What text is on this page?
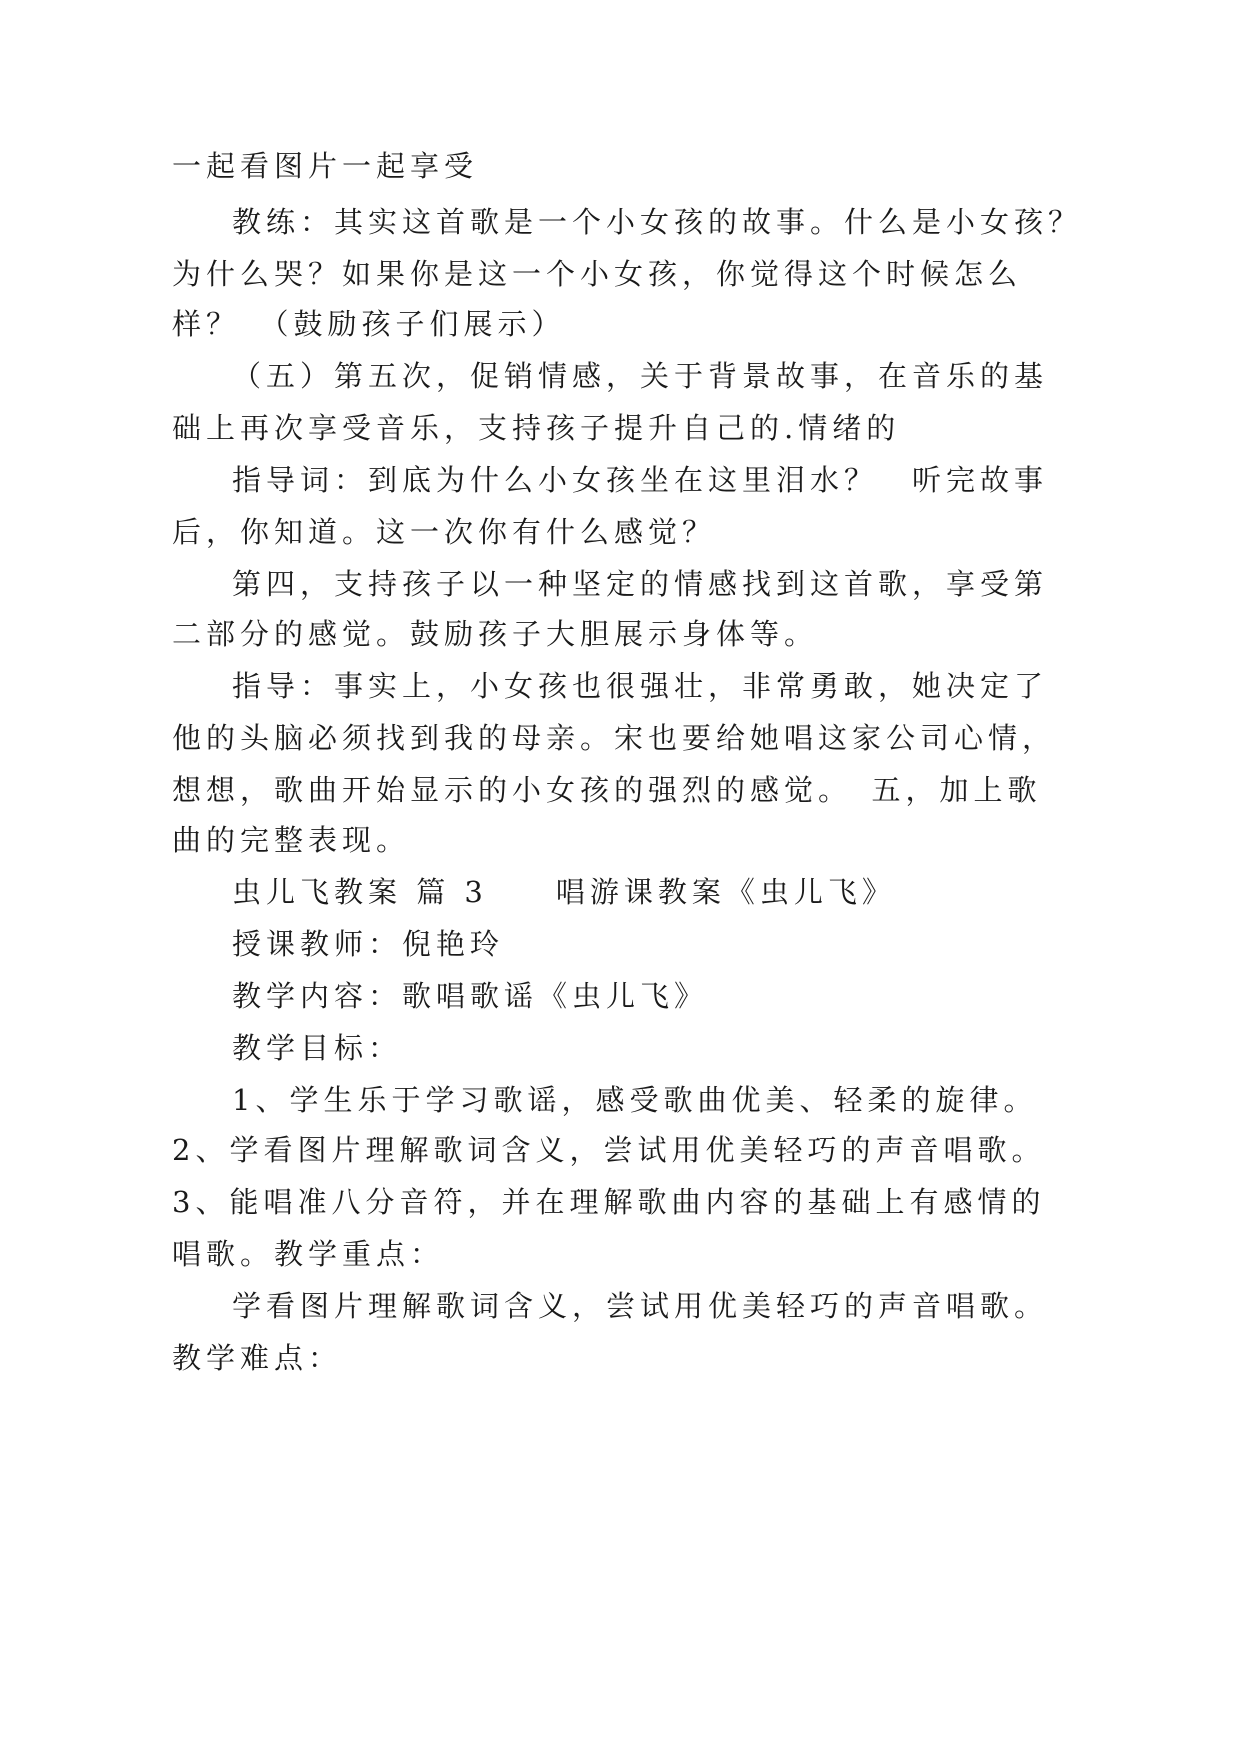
一起看图片一起享受
教练：其实这首歌是一个小女孩的故事。什么是小女孩？
为什么哭？如果你是这一个小女孩，你觉得这个时候怎么
样？　（鼓励孩子们展示）
（五）第五次，促销情感，关于背景故事，在音乐的基
础上再次享受音乐，支持孩子提升自己的.情绪的
指导词：到底为什么小女孩坐在这里泪水？　听完故事
后，你知道。这一次你有什么感觉？
第四，支持孩子以一种坚定的情感找到这首歌，享受第
二部分的感觉。鼓励孩子大胆展示身体等。
指导：事实上，小女孩也很强壮，非常勇敢，她决定了
他的头脑必须找到我的母亲。宋也要给她唱这家公司心情，
想想，歌曲开始显示的小女孩的强烈的感觉。　五，加上歌
曲的完整表现。
虫儿飞教案 篇 3　　唱游课教案《虫儿飞》
授课教师：倪艳玲
教学内容：歌唱歌谣《虫儿飞》
教学目标：
1、学生乐于学习歌谣，感受歌曲优美、轻柔的旋律。
2、学看图片理解歌词含义，尝试用优美轻巧的声音唱歌。
3、能唱准八分音符，并在理解歌曲内容的基础上有感情的
唱歌。教学重点：
学看图片理解歌词含义，尝试用优美轻巧的声音唱歌。
教学难点：
